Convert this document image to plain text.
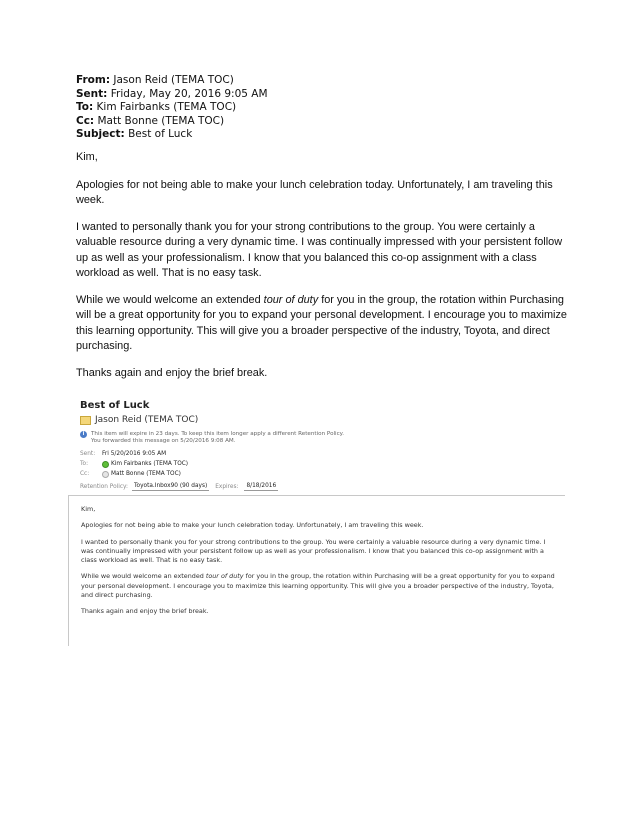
From: Jason Reid (TEMA TOC)
Sent: Friday, May 20, 2016 9:05 AM
To: Kim Fairbanks (TEMA TOC)
Cc: Matt Bonne (TEMA TOC)
Subject: Best of Luck

Kim,

Apologies for not being able to make your lunch celebration today. Unfortunately, I am traveling this week.

I wanted to personally thank you for your strong contributions to the group. You were certainly a valuable resource during a very dynamic time. I was continually impressed with your persistent follow up as well as your professionalism. I know that you balanced this co-op assignment with a class workload as well. That is no easy task.

While we would welcome an extended tour of duty for you in the group, the rotation within Purchasing will be a great opportunity for you to expand your personal development. I encourage you to maximize this learning opportunity. This will give you a broader perspective of the industry, Toyota, and direct purchasing.

Thanks again and enjoy the brief break.

Best of Luck
Jason Reid (TEMA TOC)
i	This item will expire in 23 days. To keep this item longer apply a different Retention Policy.
You forwarded this message on 5/20/2016 9:08 AM.
Sent:	Fri 5/20/2016 9:05 AM
To:	Kim Fairbanks (TEMA TOC)
Cc:	Matt Bonne (TEMA TOC)
Retention Policy:	Toyota.Inbox90 (90 days)	Expires:	8/18/2016

Kim,

Apologies for not being able to make your lunch celebration today. Unfortunately, I am traveling this week.

I wanted to personally thank you for your strong contributions to the group. You were certainly a valuable resource during a very dynamic time. I was continually impressed with your persistent follow up as well as your professionalism. I know that you balanced this co-op assignment with a class workload as well. That is no easy task.

While we would welcome an extended tour of duty for you in the group, the rotation within Purchasing will be a great opportunity for you to expand your personal development. I encourage you to maximize this learning opportunity. This will give you a broader perspective of the industry, Toyota, and direct purchasing.

Thanks again and enjoy the brief break.
